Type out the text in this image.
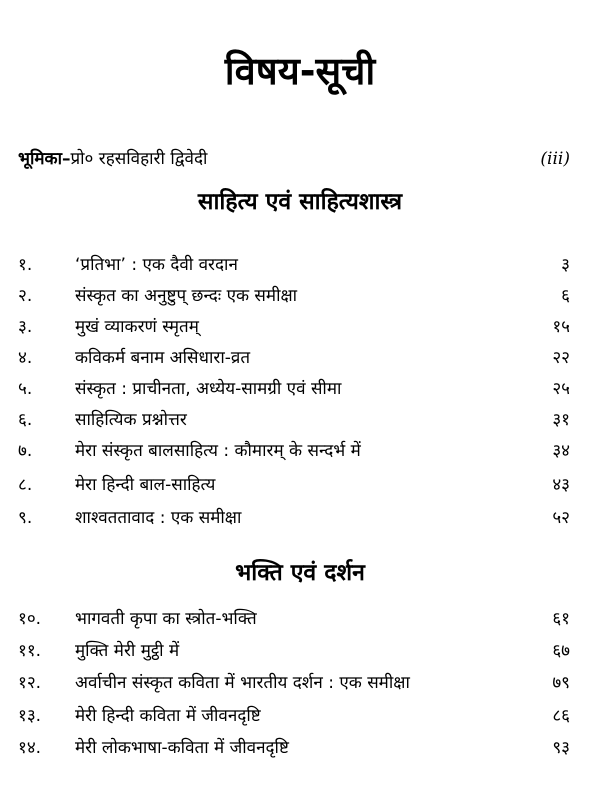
विषय-सूची
भूमिका–प्रो० रहसविहारी द्विवेदी	(iii)
साहित्य एवं साहित्यशास्त्र
१.	‘प्रतिभा’ : एक दैवी वरदान	३
२.	संस्कृत का अनुष्टुप् छन्दः एक समीक्षा	६
३.	मुखं व्याकरणं स्मृतम्	१५
४.	कविकर्म बनाम असिधारा-व्रत	२२
५.	संस्कृत : प्राचीनता, अध्येय-सामग्री एवं सीमा	२५
६.	साहित्यिक प्रश्नोत्तर	३१
७.	मेरा संस्कृत बालसाहित्य : कौमारम् के सन्दर्भ में	३४
८.	मेरा हिन्दी बाल-साहित्य	४३
९.	शाश्वततावाद : एक समीक्षा	५२
भक्ति एवं दर्शन
१०. भागवती कृपा का स्त्रोत-भक्ति	६१
११. मुक्ति मेरी मुट्ठी में	६७
१२. अर्वाचीन संस्कृत कविता में भारतीय दर्शन : एक समीक्षा	७९
१३. मेरी हिन्दी कविता में जीवनदृष्टि	८६
१४. मेरी लोकभाषा-कविता में जीवनदृष्टि	९३
